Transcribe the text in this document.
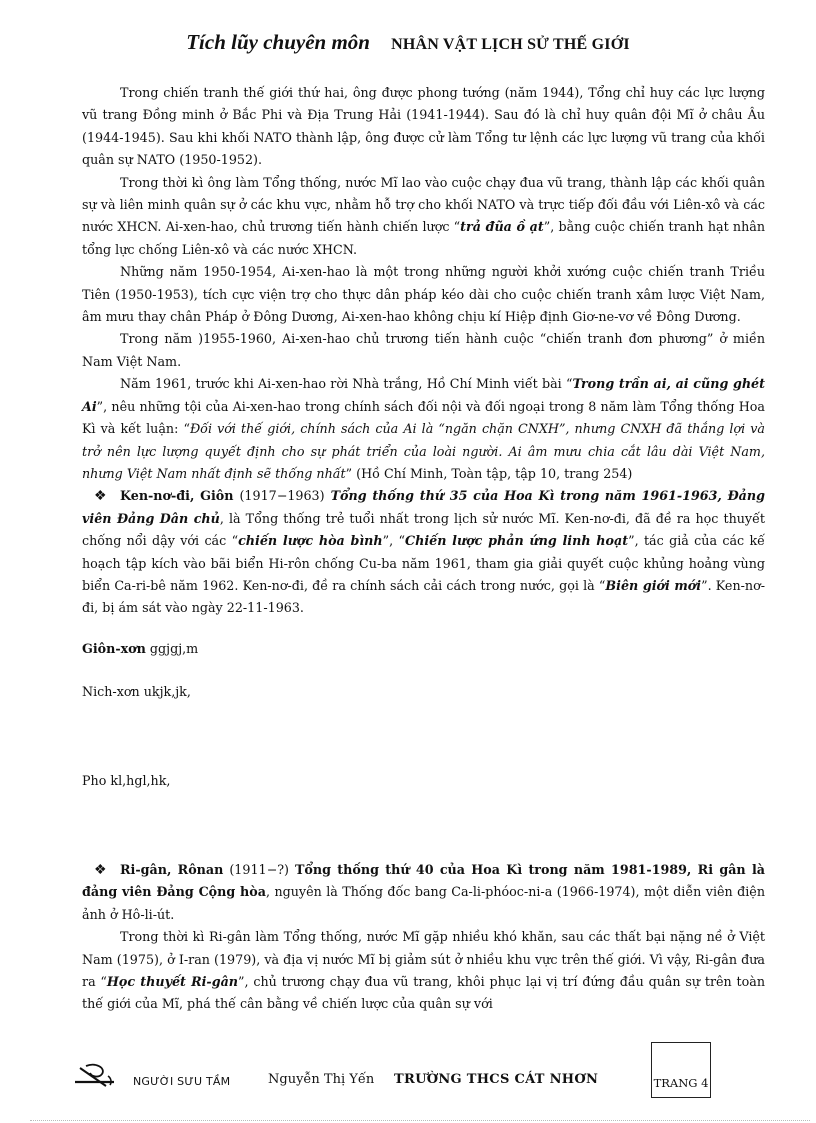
Tích lũy chuyên môn NHÂN VẬT LỊCH SỬ THẾ GIỚI

Trong chiến tranh thế giới thứ hai, ông được phong tướng (năm 1944), Tổng chỉ huy các lực lượng vũ trang Đồng minh ở Bắc Phi và Địa Trung Hải (1941-1944). Sau đó là chỉ huy quân đội Mĩ ở châu Âu (1944-1945). Sau khi khối NATO thành lập, ông được cử làm Tổng tư lệnh các lực lượng vũ trang của khối quân sự NATO (1950-1952).

Trong thời kì ông làm Tổng thống, nước Mĩ lao vào cuộc chạy đua vũ trang, thành lập các khối quân sự và liên minh quân sự ở các khu vực, nhằm hỗ trợ cho khối NATO và trực tiếp đối đầu với Liên-xô và các nước XHCN. Ai-xen-hao, chủ trương tiến hành chiến lược “trả đũa ồ ạt”, bằng cuộc chiến tranh hạt nhân tổng lực chống Liên-xô và các nước XHCN.

Những năm 1950-1954, Ai-xen-hao là một trong những người khởi xướng cuộc chiến tranh Triều Tiên (1950-1953), tích cực viện trợ cho thực dân pháp kéo dài cho cuộc chiến tranh xâm lược Việt Nam, âm mưu thay chân Pháp ở Đông Dương, Ai-xen-hao không chịu kí Hiệp định Giơ-ne-vơ về Đông Dương.

Trong năm )1955-1960, Ai-xen-hao chủ trương tiến hành cuộc “chiến tranh đơn phương” ở miền Nam Việt Nam.

Năm 1961, trước khi Ai-xen-hao rời Nhà trắng, Hồ Chí Minh viết bài “Trong trần ai, ai cũng ghét Ai”, nêu những tội của Ai-xen-hao trong chính sách đối nội và đối ngoại trong 8 năm làm Tổng thống Hoa Kì và kết luận: “Đối với thế giới, chính sách của Ai là “ngăn chặn CNXH”, nhưng CNXH đã thắng lợi và trở nên lực lượng quyết định cho sự phát triển của loài người. Ai âm mưu chia cắt lâu dài Việt Nam, nhưng Việt Nam nhất định sẽ thống nhất” (Hồ Chí Minh, Toàn tập, tập 10, trang 254)

❖ Ken-nơ-đi, Giôn (1917−1963) Tổng thống thứ 35 của Hoa Kì trong năm 1961-1963, Đảng viên Đảng Dân chủ, là Tổng thống trẻ tuổi nhất trong lịch sử nước Mĩ. Ken-nơ-đi, đã đề ra học thuyết chống nổi dậy với các “chiến lược hòa bình”, “Chiến lược phản ứng linh hoạt”, tác giả của các kế hoạch tập kích vào bãi biển Hi-rôn chống Cu-ba năm 1961, tham gia giải quyết cuộc khủng hoảng vùng biển Ca-ri-bê năm 1962. Ken-nơ-đi, đề ra chính sách cải cách trong nước, gọi là “Biên giới mới”. Ken-nơ-đi, bị ám sát vào ngày 22-11-1963.

Giôn-xơn ggjgj,m

Nich-xơn ukjk,jk,

Pho kl,hgl,hk,

❖ Ri-gân, Rônan (1911−?) Tổng thống thứ 40 của Hoa Kì trong năm 1981-1989, Ri gân là đảng viên Đảng Cộng hòa, nguyên là Thống đốc bang Ca-li-phóoc-ni-a (1966-1974), một diễn viên điện ảnh ở Hô-li-út.

Trong thời kì Ri-gân làm Tổng thống, nước Mĩ gặp nhiều khó khăn, sau các thất bại nặng nề ở Việt Nam (1975), ở I-ran (1979), và địa vị nước Mĩ bị giảm sút ở nhiều khu vực trên thế giới. Vì vậy, Ri-gân đưa ra “Học thuyết Ri-gân”, chủ trương chạy đua vũ trang, khôi phục lại vị trí đứng đầu quân sự trên toàn thế giới của Mĩ, phá thế cân bằng về chiến lược của quân sự với

NGƯỜI SƯU TẦM	Nguyễn Thị Yến TRƯỜNG THCS CÁT NHƠN	TRANG 4
